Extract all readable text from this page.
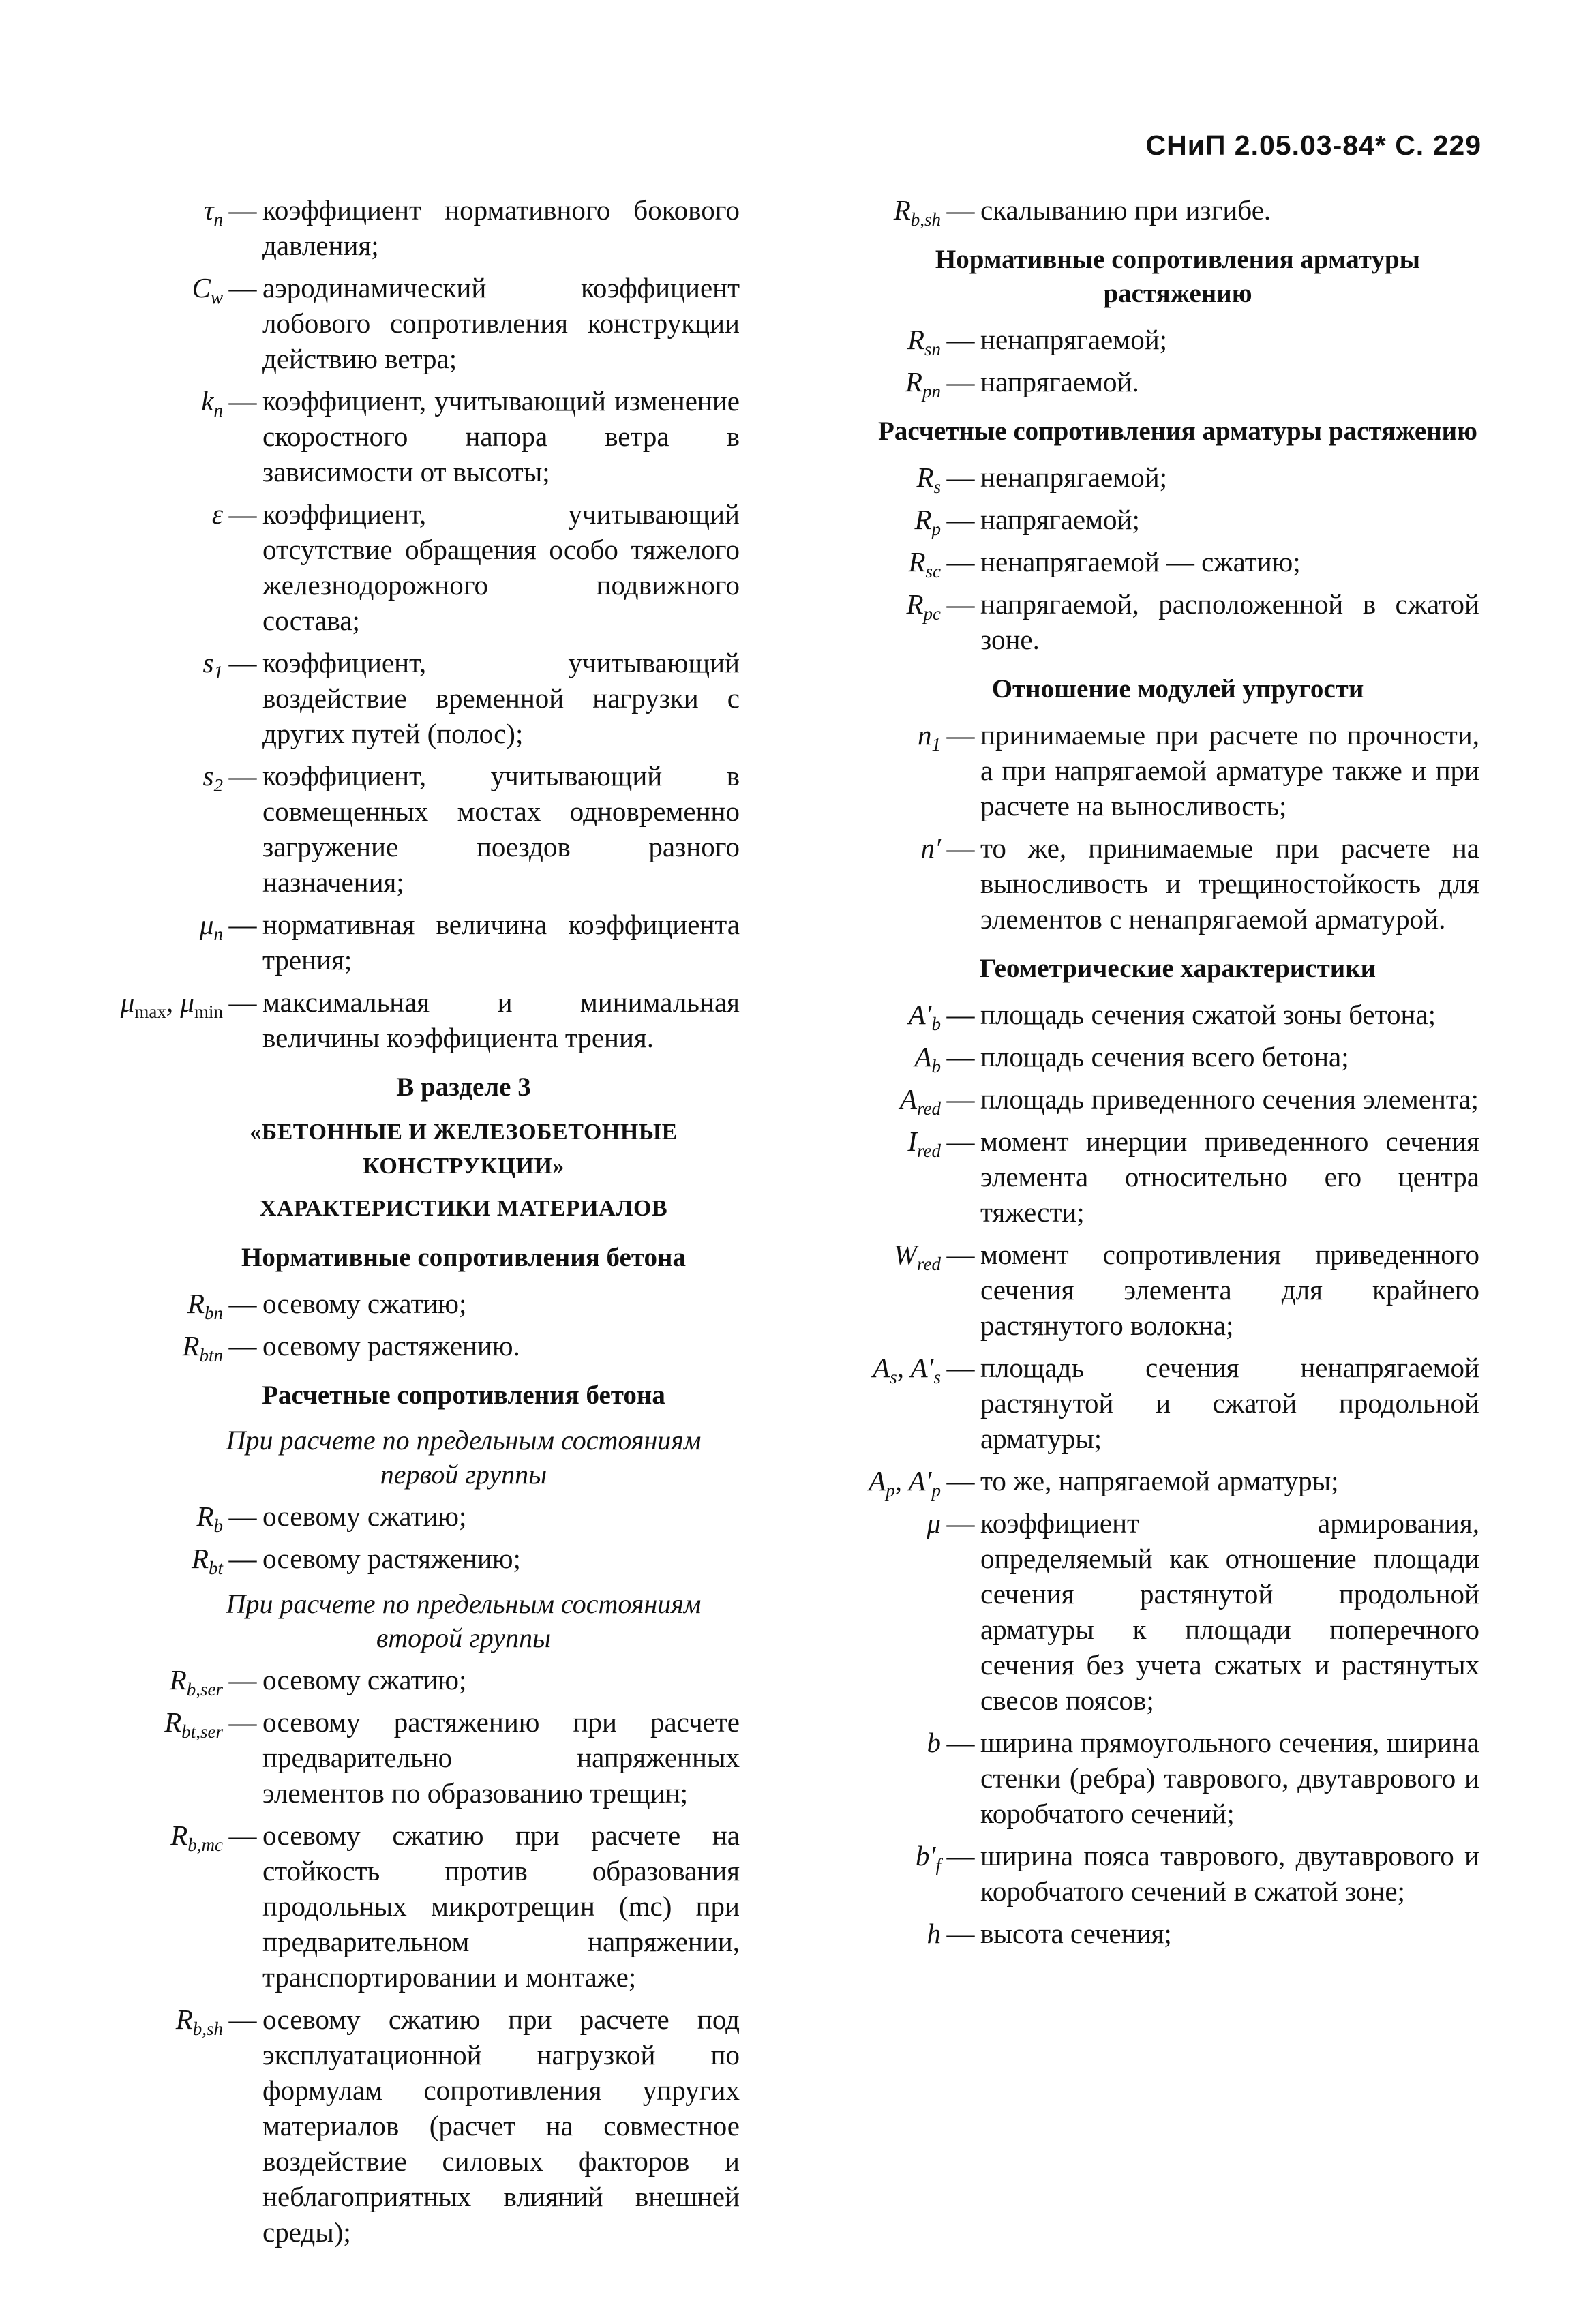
СНиП 2.05.03-84* С. 229
$\tau_n$ — коэффициент нормативного бокового давления;
$C_w$ — аэродинамический коэффициент лобового сопротивления конструкции действию ветра;
$k_n$ — коэффициент, учитывающий изменение скоростного напора ветра в зависимости от высоты;
ε — коэффициент, учитывающий отсутствие обращения особо тяжелого железнодорожного подвижного состава;
$s_1$ — коэффициент, учитывающий воздействие временной нагрузки с других путей (полос);
$s_2$ — коэффициент, учитывающий в совмещенных мостах одновременно загружение поездов разного назначения;
$\mu_n$ — нормативная величина коэффициента трения;
$\mu_{max}$, $\mu_{min}$ — максимальная и минимальная величины коэффициента трения.
В разделе 3
«БЕТОННЫЕ И ЖЕЛЕЗОБЕТОННЫЕ КОНСТРУКЦИИ»
ХАРАКТЕРИСТИКИ МАТЕРИАЛОВ
Нормативные сопротивления бетона
$R_{bn}$ — осевому сжатию;
$R_{btn}$ — осевому растяжению.
Расчетные сопротивления бетона
При расчете по предельным состояниям первой группы
$R_b$ — осевому сжатию;
$R_{bt}$ — осевому растяжению;
При расчете по предельным состояниям второй группы
$R_{b,ser}$ — осевому сжатию;
$R_{bt,ser}$ — осевому растяжению при расчете предварительно напряженных элементов по образованию трещин;
$R_{b,mc}$ — осевому сжатию при расчете на стойкость против образования продольных микротрещин (mc) при предварительном напряжении, транспортировании и монтаже;
$R_{b,sh}$ — осевому сжатию при расчете под эксплуатационной нагрузкой по формулам сопротивления упругих материалов (расчет на совместное воздействие силовых факторов и неблагоприятных влияний внешней среды);
$R_{b,sh}$ — скалыванию при изгибе.
Нормативные сопротивления арматуры растяжению
$R_{sn}$ — ненапрягаемой;
$R_{pn}$ — напрягаемой.
Расчетные сопротивления арматуры растяжению
$R_s$ — ненапрягаемой;
$R_p$ — напрягаемой;
$R_{sc}$ — ненапрягаемой — сжатию;
$R_{pc}$ — напрягаемой, расположенной в сжатой зоне.
Отношение модулей упругости
$n_1$ — принимаемые при расчете по прочности, а при напрягаемой арматуре также и при расчете на выносливость;
n′ — то же, принимаемые при расчете на выносливость и трещиностойкость для элементов с ненапрягаемой арматурой.
Геометрические характеристики
$A'_b$ — площадь сечения сжатой зоны бетона;
$A_b$ — площадь сечения всего бетона;
$A_{red}$ — площадь приведенного сечения элемента;
$I_{red}$ — момент инерции приведенного сечения элемента относительно его центра тяжести;
$W_{red}$ — момент сопротивления приведенного сечения элемента для крайнего растянутого волокна;
$A_s$, $A'_s$ — площадь сечения ненапрягаемой растянутой и сжатой продольной арматуры;
$A_p$, $A'_p$ — то же, напрягаемой арматуры;
μ — коэффициент армирования, определяемый как отношение площади сечения растянутой продольной арматуры к площади поперечного сечения без учета сжатых и растянутых свесов поясов;
b — ширина прямоугольного сечения, ширина стенки (ребра) таврового, двутаврового и коробчатого сечений;
$b'_f$ — ширина пояса таврового, двутаврового и коробчатого сечений в сжатой зоне;
h — высота сечения;
